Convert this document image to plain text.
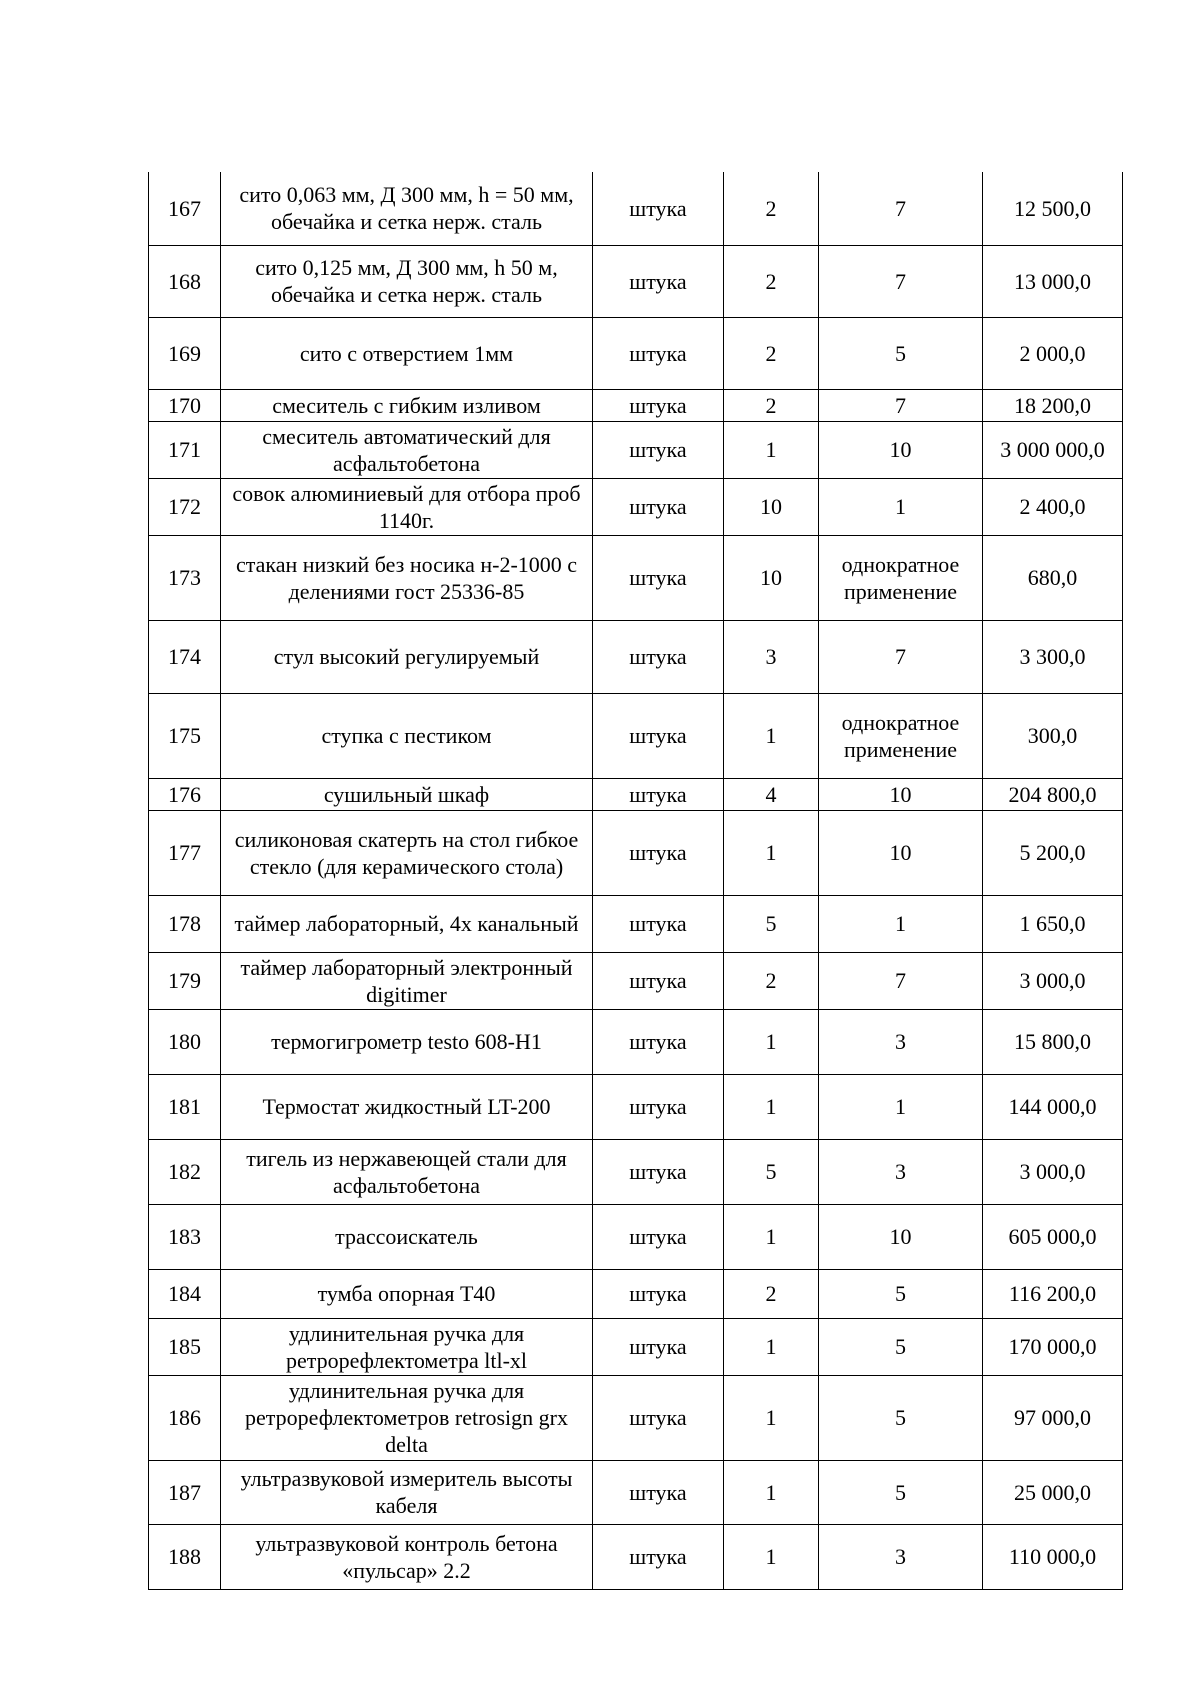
167	сито 0,063 мм, Д 300 мм, h = 50 мм, обечайка и сетка нерж. сталь	штука	2	7	12 500,0
168	сито 0,125 мм, Д 300 мм, h 50 м, обечайка и сетка нерж. сталь	штука	2	7	13 000,0
169	сито с отверстием 1мм	штука	2	5	2 000,0
170	смеситель с гибким изливом	штука	2	7	18 200,0
171	смеситель автоматический для асфальтобетона	штука	1	10	3 000 000,0
172	совок алюминиевый для отбора проб 1140г.	штука	10	1	2 400,0
173	стакан низкий без носика н-2-1000 с делениями гост 25336-85	штука	10	однократное применение	680,0
174	стул высокий регулируемый	штука	3	7	3 300,0
175	ступка с пестиком	штука	1	однократное применение	300,0
176	сушильный шкаф	штука	4	10	204 800,0
177	силиконовая скатерть на стол гибкое стекло (для керамического стола)	штука	1	10	5 200,0
178	таймер лабораторный, 4х канальный	штука	5	1	1 650,0
179	таймер лабораторный электронный digitimer	штука	2	7	3 000,0
180	термогигрометр testo 608-H1	штука	1	3	15 800,0
181	Термостат жидкостный LT-200	штука	1	1	144 000,0
182	тигель из нержавеющей стали для асфальтобетона	штука	5	3	3 000,0
183	трассоискатель	штука	1	10	605 000,0
184	тумба опорная Т40	штука	2	5	116 200,0
185	удлинительная ручка для ретрорефлектометра ltl-xl	штука	1	5	170 000,0
186	удлинительная ручка для ретрорефлектометров retrosign grx delta	штука	1	5	97 000,0
187	ультразвуковой измеритель высоты кабеля	штука	1	5	25 000,0
188	ультразвуковой контроль бетона «пульсар» 2.2	штука	1	3	110 000,0
